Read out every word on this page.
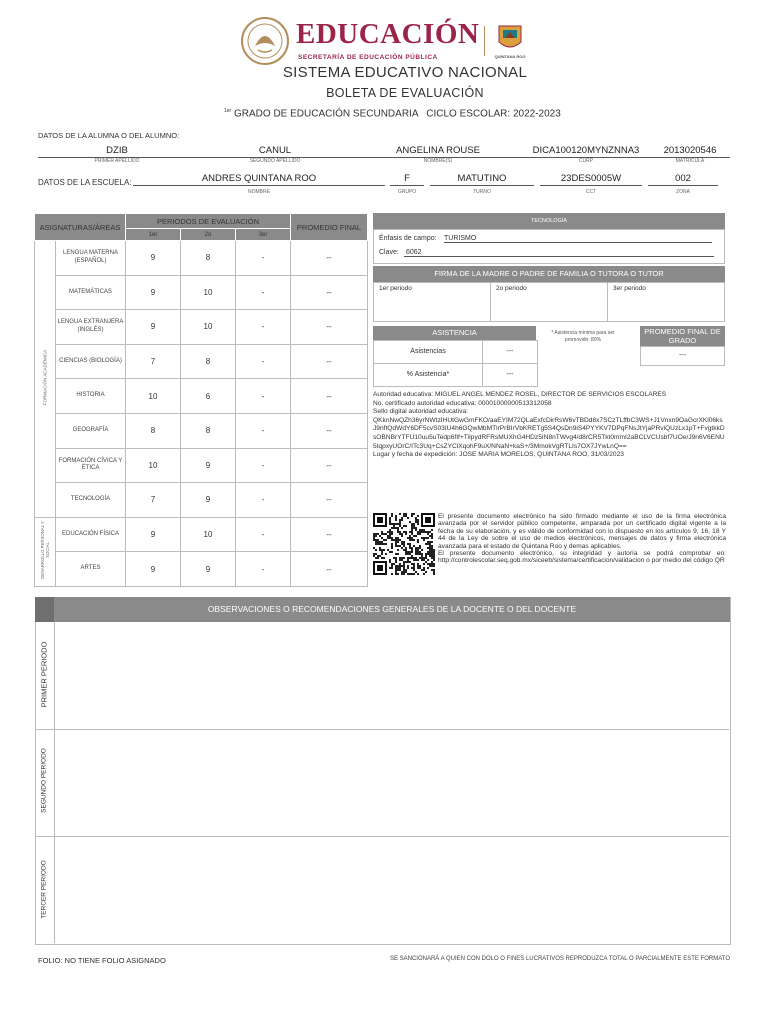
EDUCACIÓN
SECRETARÍA DE EDUCACIÓN PÚBLICA	QUINTANA ROO
SISTEMA EDUCATIVO NACIONAL
BOLETA DE EVALUACIÓN
$^{1er}$ GRADO DE EDUCACIÓN SECUNDARIA   CICLO ESCOLAR: 2022-2023
DATOS DE LA ALUMNA O DEL ALUMNO:
DZIB
PRIMER APELLIDO
CANUL
SEGUNDO APELLIDO
ANGELINA ROUSE
NOMBRE(S)
DICA100120MYNZNNA3
CURP
2013020546
MATRÍCULA
DATOS DE LA ESCUELA:	ANDRES QUINTANA ROO
NOMBRE
F
GRUPO
MATUTINO
TURNO
23DES0005W
CCT
002
ZONA
ASIGNATURAS/ÁREAS		PERIODOS DE EVALUACIÓN			PROMEDIO FINAL
		1er	2o	3er	

FORMACIÓN ACADÉMICA	LENGUA MATERNA (ESPAÑOL)	9	8	-	--
	MATEMÁTICAS	9	10	-	--
	LENGUA EXTRANJERA (INGLÉS)	9	10	-	--
	CIENCIAS (BIOLOGÍA)	7	8	-	--
	HISTORIA	10	6	-	--
	GEOGRAFÍA	8	8	-	--
	FORMACIÓN CÍVICA Y ÉTICA	10	9	-	--
	TECNOLOGÍA	7	9	-	--

DESARROLLO PERSONAL Y SOCIAL	EDUCACIÓN FÍSICA	9	10	-	--
	ARTES	9	9	-	--
TECNOLOGÍA
Énfasis de campo: TURISMO
Clave: 6062
FIRMA DE LA MADRE O PADRE DE FAMILIA O TUTORA O TUTOR
1er periodo	2o periodo	3er periodo
ASISTENCIA
Asistencias	---
% Asistencia*	---
* Asistencia mínima para ser promovido: 80%
PROMEDIO FINAL DE GRADO
---
Autoridad educativa: MIGUEL ANGEL MENDEZ ROSEL, DIRECTOR DE SERVICIOS ESCOLARES
No. certificado autoridad educativa: 00001000000513312058
Sello digital autoridad educativa:
QKknNwQZh36yrNWtzIHUtGwGmFKO/aaEYIM72QLaExfcDirRsW6vTBDd8x7SCzTLffbC3WS+J1Vnxn9OaGcrXKl06ksJ9nftQdWdY6DF5cvS03IU4h6GQwMbMTlrPrBIrVbKRETg5S4QsDn9iS4PYYKV7DPqFNsJtYjaPRviQUzLx1pT+FvgtkkDsOBNBrYTFU10uu5uTedp6fIf+TiIpydRFRsMUXhG4HDz5IN8nTWvg4/d8rCR5Tkt0mmI2aBCLVCUsbf7UOe/J9n6V6ENU5tqpxyUOrC/ITc3Uq+CsZYClXqohF9uX/NNaN+kaS+/3MmokVgRTLIs7OX7JYwLnQ==
Lugar y fecha de expedición: JOSE MARIA MORELOS, QUINTANA ROO, 31/03/2023
El presente documento electrónico ha sido firmado mediante el uso de la firma electrónica avanzada por el servidor público competente, amparada por un certificado digital vigente a la fecha de su elaboración, y es válido de conformidad con lo dispuesto en los artículos 9, 16, 18 Y 44 de la Ley de sobre el uso de medios electrónicos, mensajes de datos y firma electrónica avanzada para el estado de Quintana Roo y demas aplicables.
El presente documento electrónico, su integridad y autoría se podrá comprobar en: http://controlescolar.seq.gob.mx/siceeb/sistema/certificacion/validacion o por medio del código QR
OBSERVACIONES O RECOMENDACIONES GENERALES DE LA DOCENTE O DEL DOCENTE
PRIMER PERIODO
SEGUNDO PERIODO
TERCER PERIODO
FOLIO: NO TIENE FOLIO ASIGNADO	SE SANCIONARÁ A QUIEN CON DOLO O FINES LUCRATIVOS REPRODUZCA TOTAL O PARCIALMENTE ESTE FORMATO
